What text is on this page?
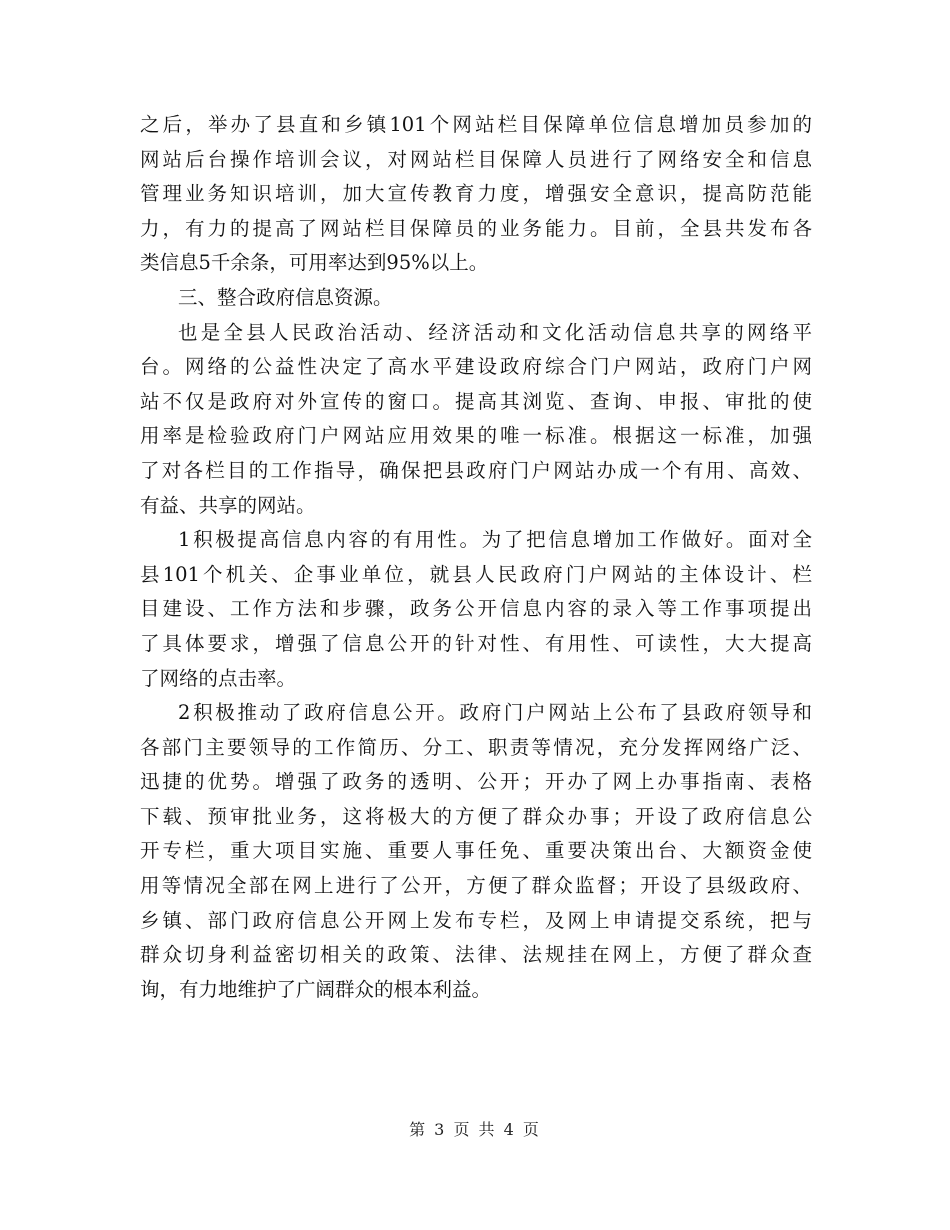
之后，举办了县直和乡镇101个网站栏目保障单位信息增加员参加的
网站后台操作培训会议，对网站栏目保障人员进行了网络安全和信息
管理业务知识培训，加大宣传教育力度，增强安全意识，提高防范能
力，有力的提高了网站栏目保障员的业务能力。目前，全县共发布各
类信息5千余条，可用率达到95%以上。
三、整合政府信息资源。
也是全县人民政治活动、经济活动和文化活动信息共享的网络平
台。网络的公益性决定了高水平建设政府综合门户网站，政府门户网
站不仅是政府对外宣传的窗口。提高其浏览、查询、申报、审批的使
用率是检验政府门户网站应用效果的唯一标准。根据这一标准，加强
了对各栏目的工作指导，确保把县政府门户网站办成一个有用、高效、
有益、共享的网站。
1积极提高信息内容的有用性。为了把信息增加工作做好。面对全
县101个机关、企事业单位，就县人民政府门户网站的主体设计、栏
目建设、工作方法和步骤，政务公开信息内容的录入等工作事项提出
了具体要求，增强了信息公开的针对性、有用性、可读性，大大提高
了网络的点击率。
2积极推动了政府信息公开。政府门户网站上公布了县政府领导和
各部门主要领导的工作简历、分工、职责等情况，充分发挥网络广泛、
迅捷的优势。增强了政务的透明、公开；开办了网上办事指南、表格
下载、预审批业务，这将极大的方便了群众办事；开设了政府信息公
开专栏，重大项目实施、重要人事任免、重要决策出台、大额资金使
用等情况全部在网上进行了公开，方便了群众监督；开设了县级政府、
乡镇、部门政府信息公开网上发布专栏，及网上申请提交系统，把与
群众切身利益密切相关的政策、法律、法规挂在网上，方便了群众查
询，有力地维护了广阔群众的根本利益。
第 3 页 共 4 页
